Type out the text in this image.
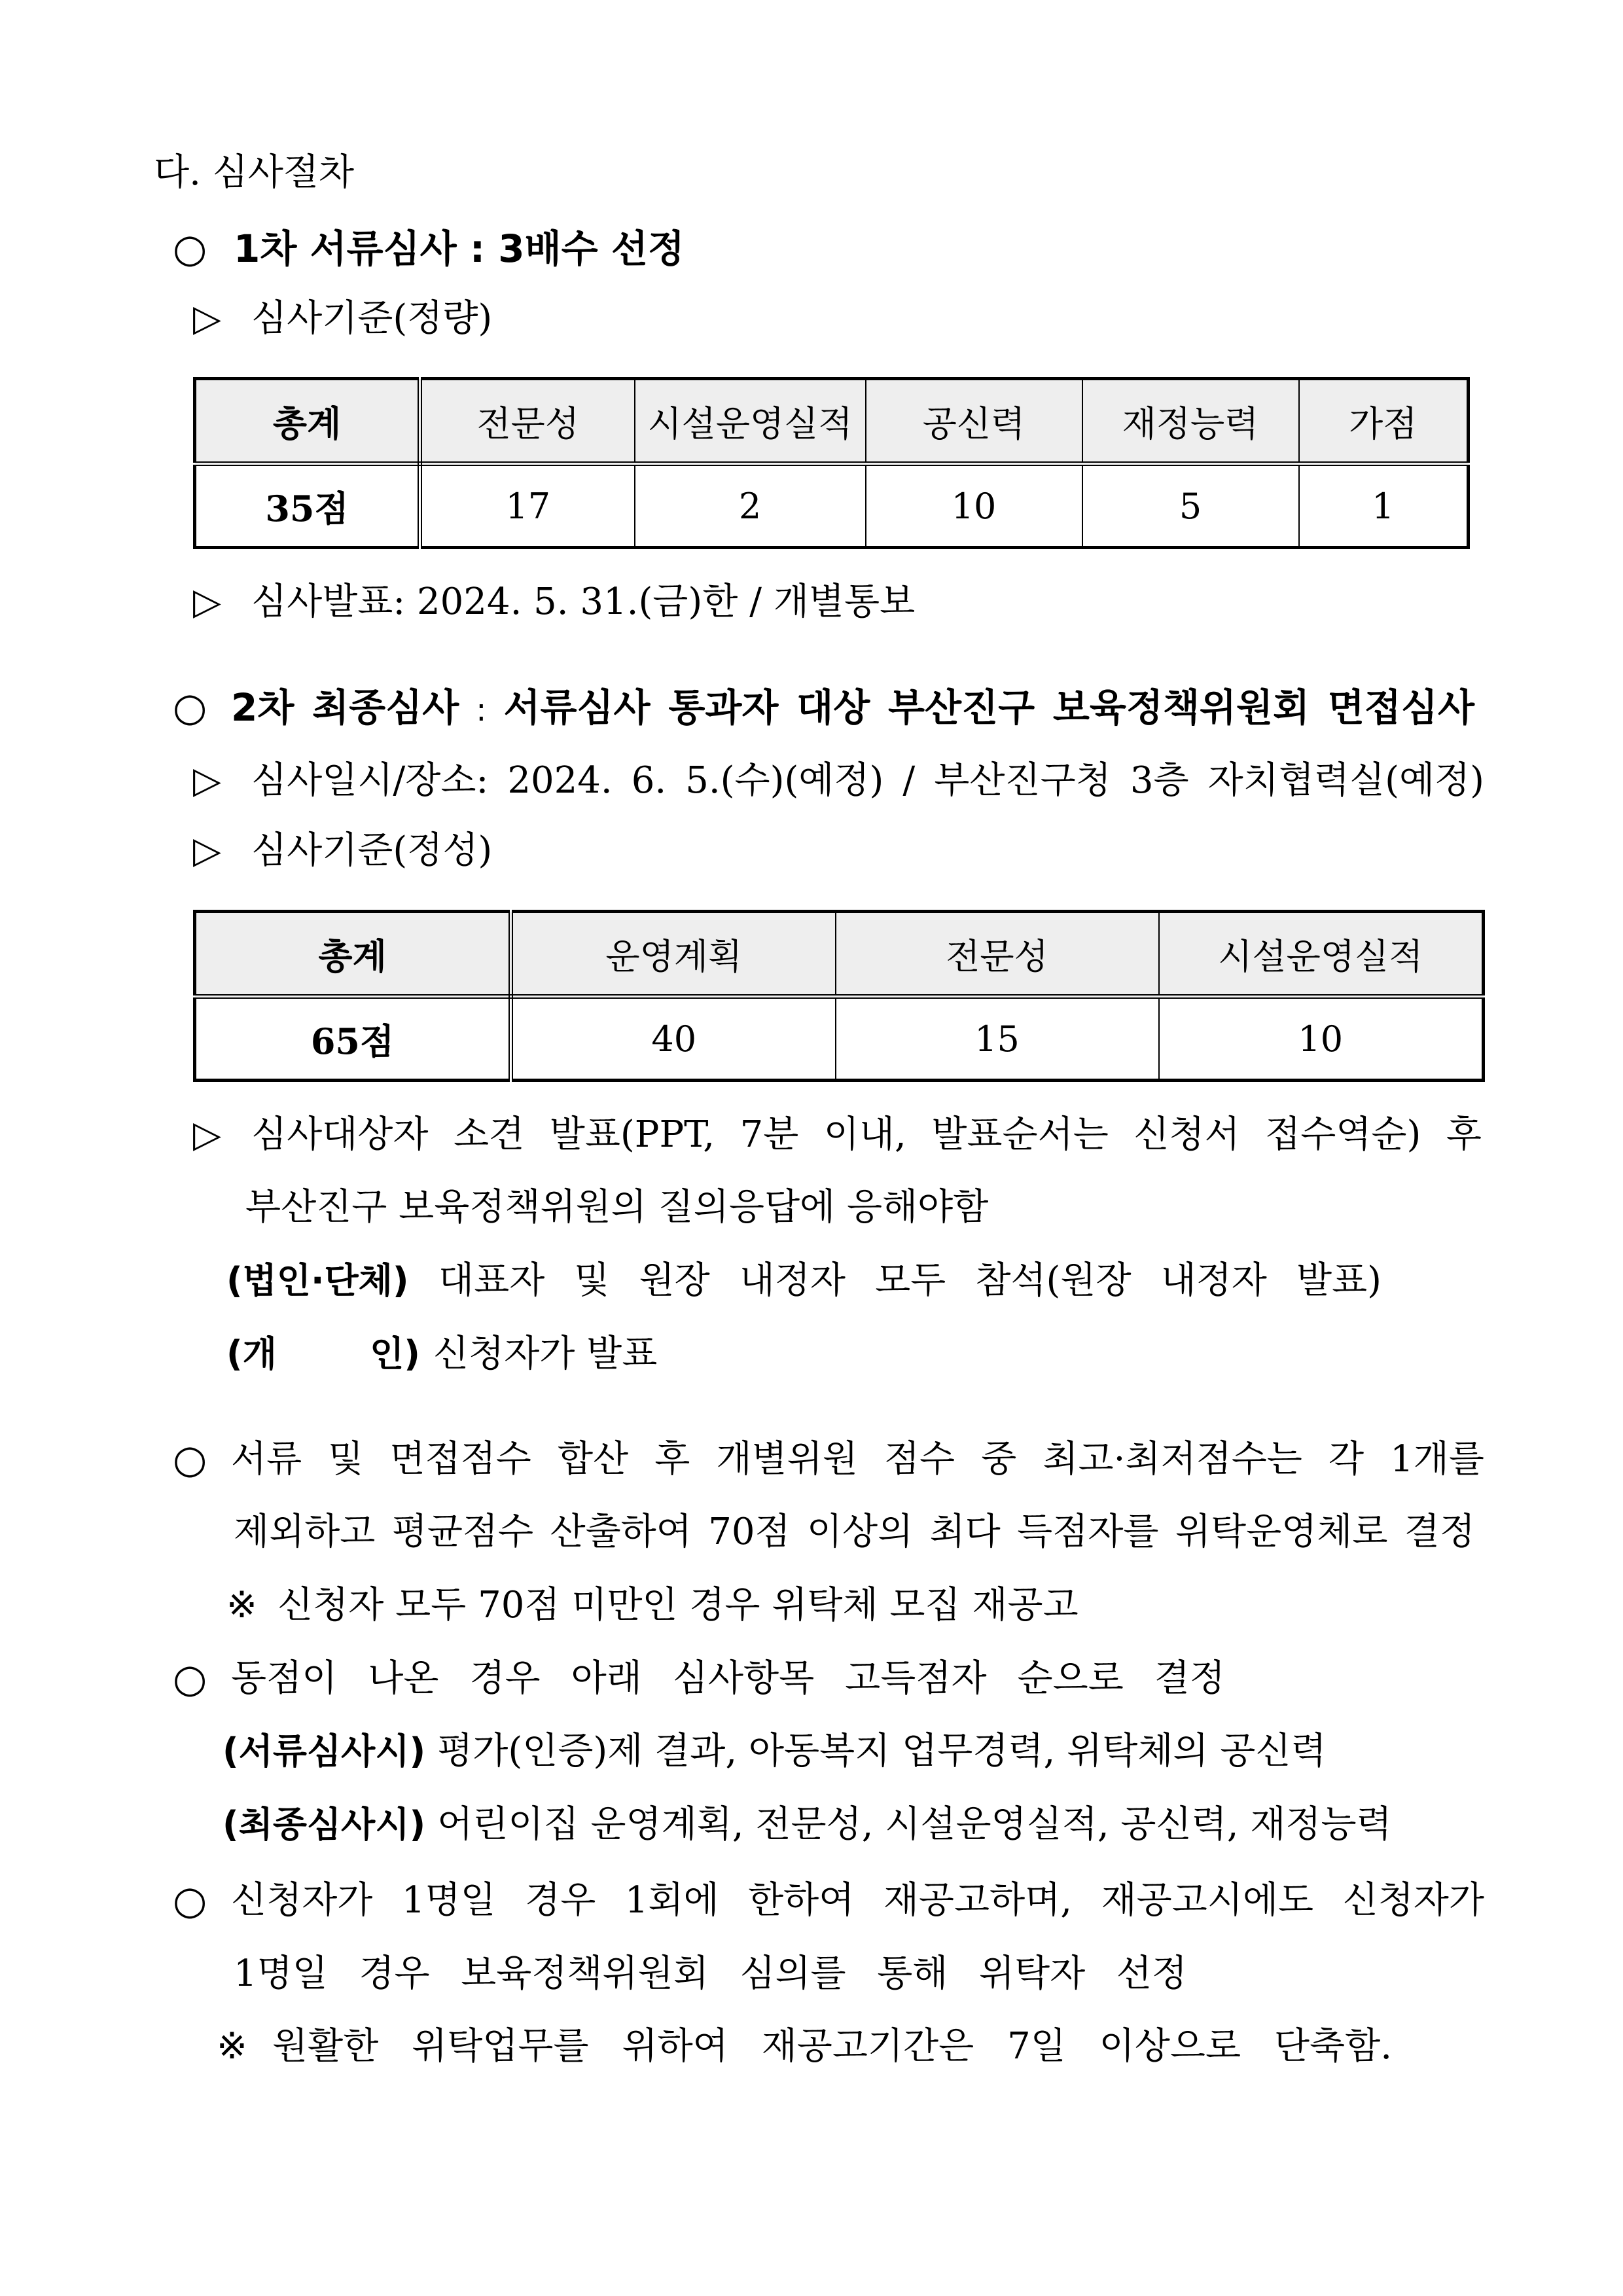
다. 심사절차
○ 1차 서류심사 : 3배수 선정
▷ 심사기준(정량)
총계	전문성	시설운영실적	공신력	재정능력	가점
35점	17	2	10	5	1
▷ 심사발표: 2024. 5. 31.(금)한 / 개별통보
○ 2차 최종심사 : 서류심사 통과자 대상 부산진구 보육정책위원회 면접심사
▷ 심사일시/장소: 2024. 6. 5.(수)(예정) / 부산진구청 3층 자치협력실(예정)
▷ 심사기준(정성)
총계	운영계획	전문성	시설운영실적
65점	40	15	10
▷ 심사대상자 소견 발표(PPT, 7분 이내, 발표순서는 신청서 접수역순) 후
부산진구 보육정책위원의 질의응답에 응해야함
(법인·단체) 대표자 및 원장 내정자 모두 참석(원장 내정자 발표)
(개 인) 신청자가 발표
○ 서류 및 면접점수 합산 후 개별위원 점수 중 최고·최저점수는 각 1개를
제외하고 평균점수 산출하여 70점 이상의 최다 득점자를 위탁운영체로 결정
※ 신청자 모두 70점 미만인 경우 위탁체 모집 재공고
○ 동점이 나온 경우 아래 심사항목 고득점자 순으로 결정
(서류심사시) 평가(인증)제 결과, 아동복지 업무경력, 위탁체의 공신력
(최종심사시) 어린이집 운영계획, 전문성, 시설운영실적, 공신력, 재정능력
○ 신청자가 1명일 경우 1회에 한하여 재공고하며, 재공고시에도 신청자가
1명일 경우 보육정책위원회 심의를 통해 위탁자 선정
※ 원활한 위탁업무를 위하여 재공고기간은 7일 이상으로 단축함.
